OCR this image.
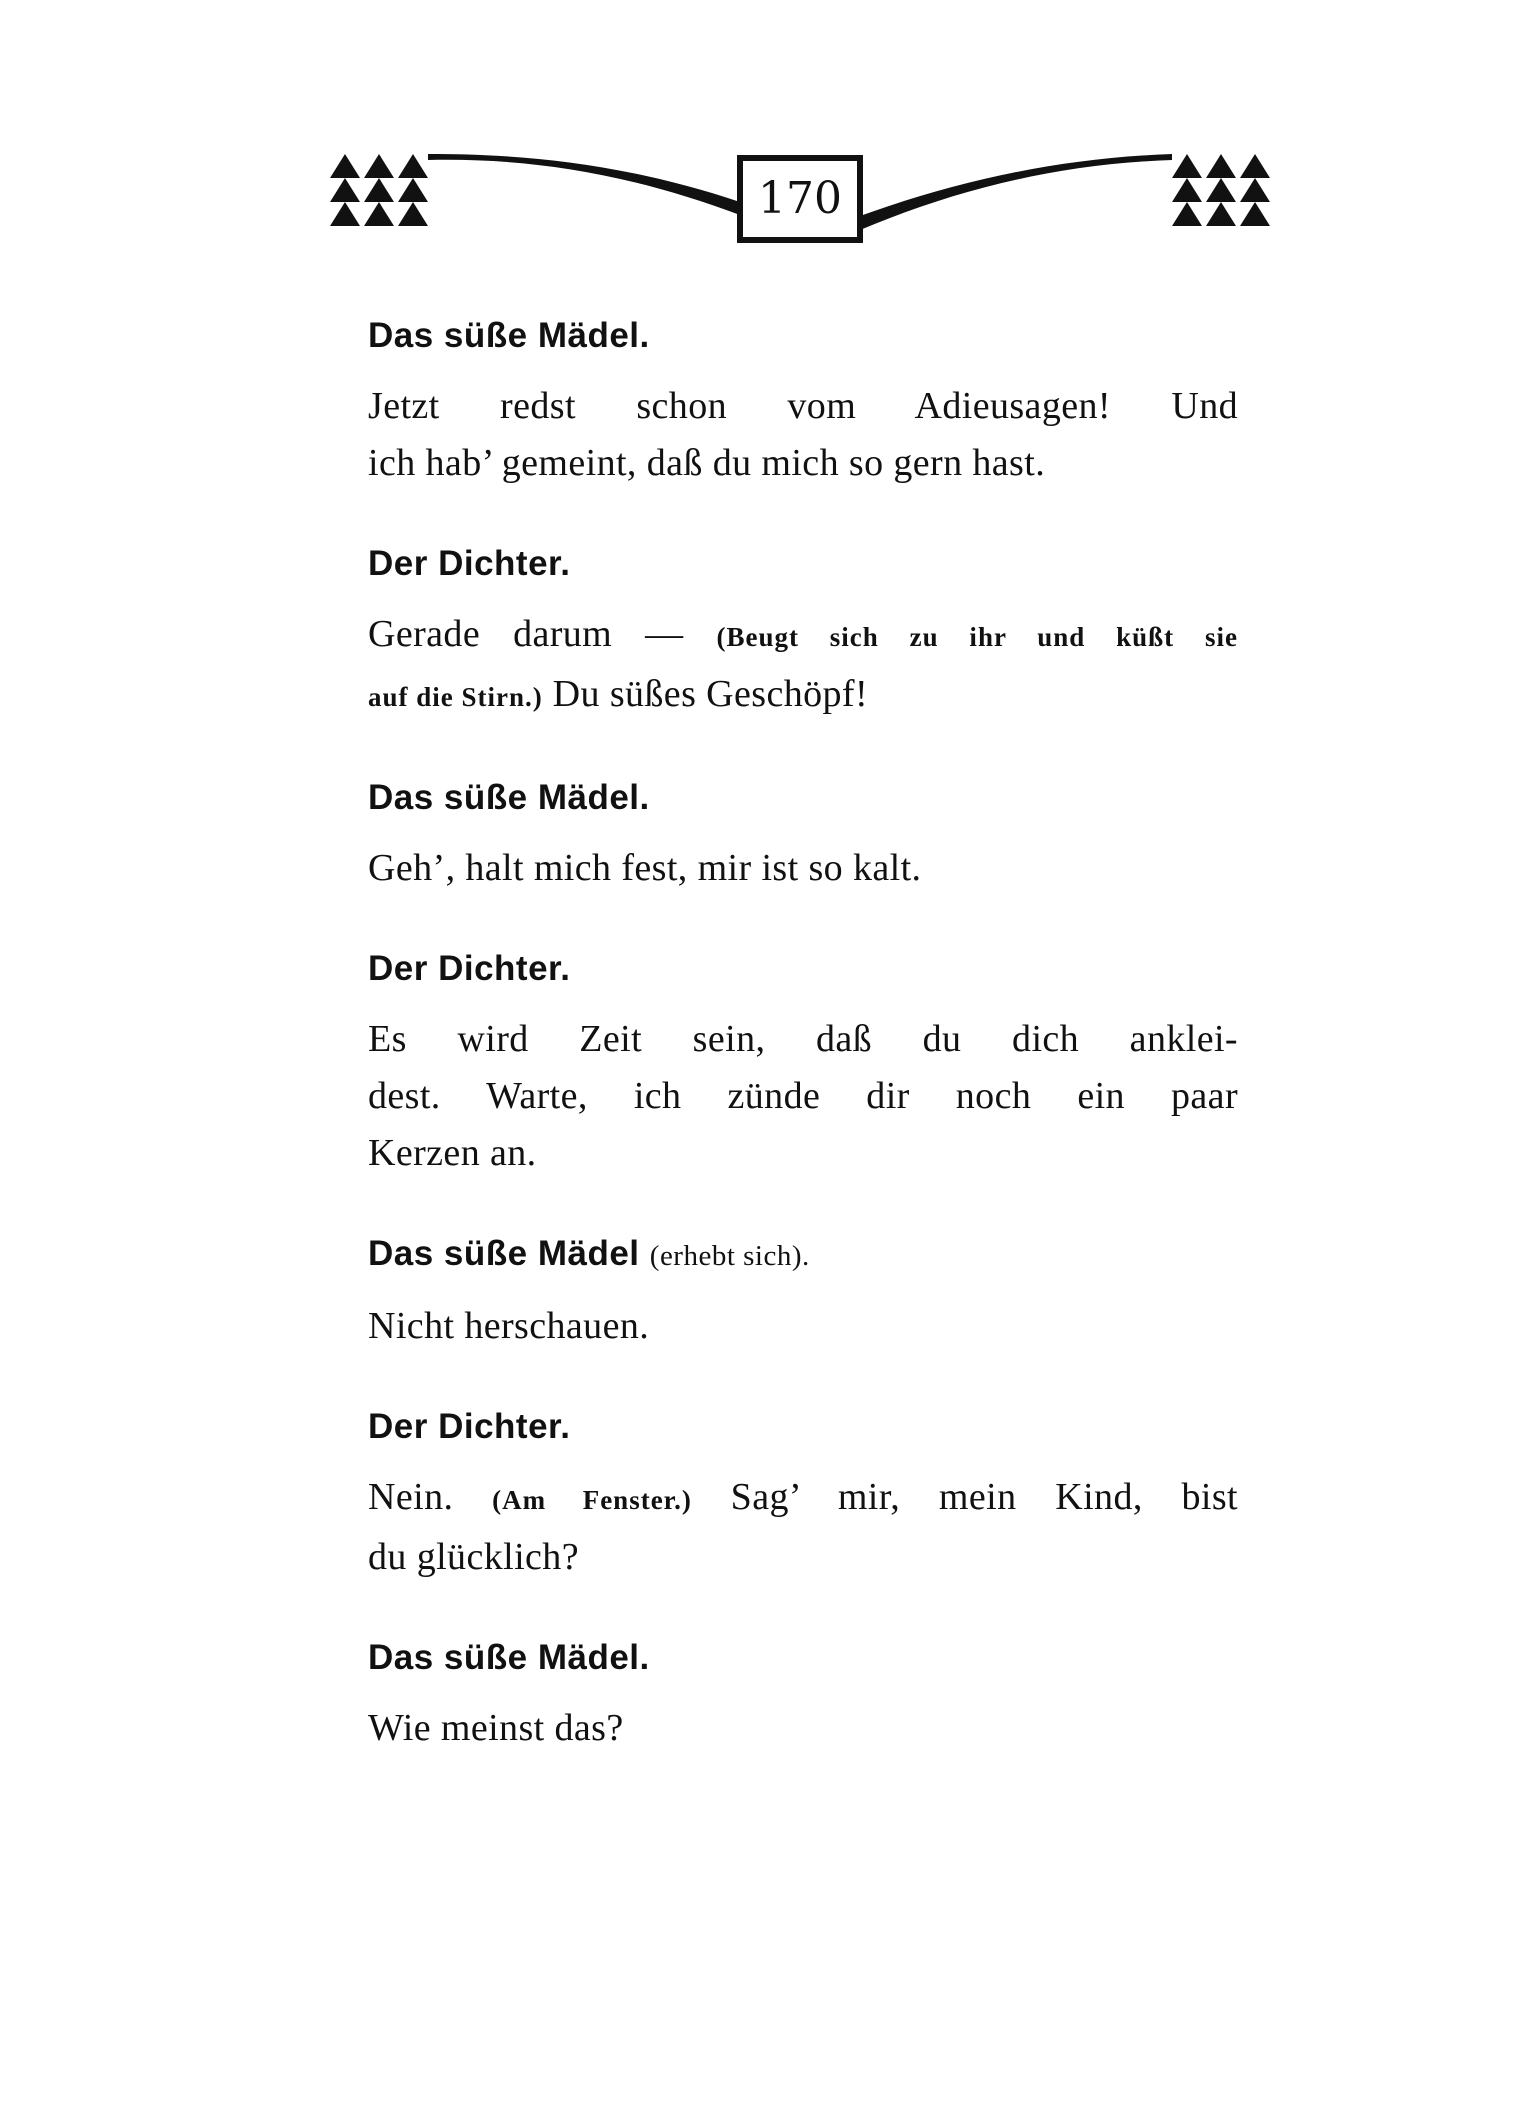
170

Das süße Mädel.

Jetzt redst schon vom Adieusagen! Und

ich hab’ gemeint, daß du mich so gern hast.

Der Dichter.

Gerade darum — (Beugt sich zu ihr und küßt sie

auf die Stirn.) Du süßes Geschöpf!

Das süße Mädel.

Geh’, halt mich fest, mir ist so kalt.

Der Dichter.

Es wird Zeit sein, daß du dich anklei-

dest. Warte, ich zünde dir noch ein paar

Kerzen an.

Das süße Mädel (erhebt sich).

Nicht herschauen.

Der Dichter.

Nein. (Am Fenster.) Sag’ mir, mein Kind, bist

du glücklich?

Das süße Mädel.

Wie meinst das?
